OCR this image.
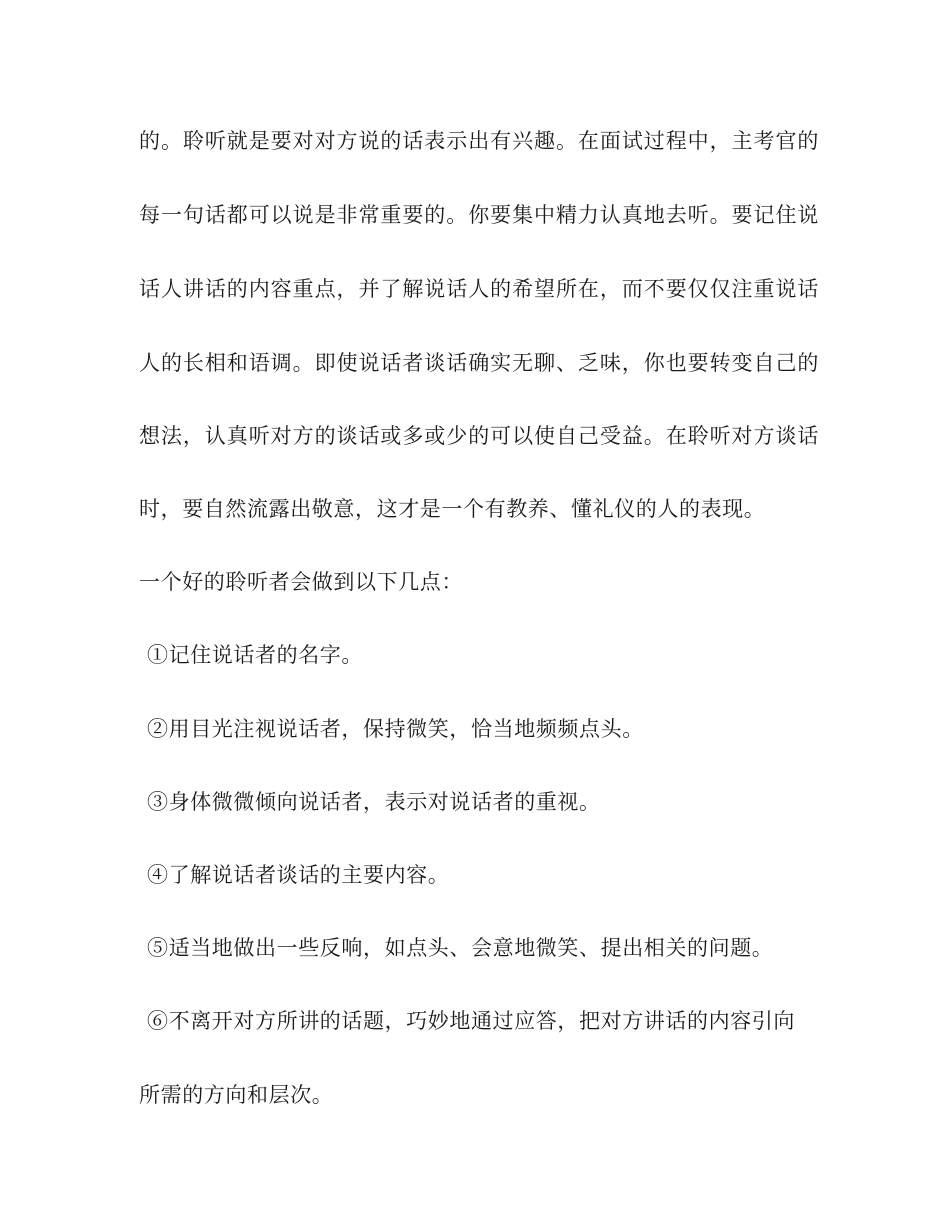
的。聆听就是要对对方说的话表示出有兴趣。在面试过程中，主考官的
每一句话都可以说是非常重要的。你要集中精力认真地去听。要记住说
话人讲话的内容重点，并了解说话人的希望所在，而不要仅仅注重说话
人的长相和语调。即使说话者谈话确实无聊、乏味，你也要转变自己的
想法，认真听对方的谈话或多或少的可以使自己受益。在聆听对方谈话
时，要自然流露出敬意，这才是一个有教养、懂礼仪的人的表现。
一个好的聆听者会做到以下几点：
①记住说话者的名字。
②用目光注视说话者，保持微笑，恰当地频频点头。
③身体微微倾向说话者，表示对说话者的重视。
④了解说话者谈话的主要内容。
⑤适当地做出一些反响，如点头、会意地微笑、提出相关的问题。
⑥不离开对方所讲的话题，巧妙地通过应答，把对方讲话的内容引向
所需的方向和层次。
